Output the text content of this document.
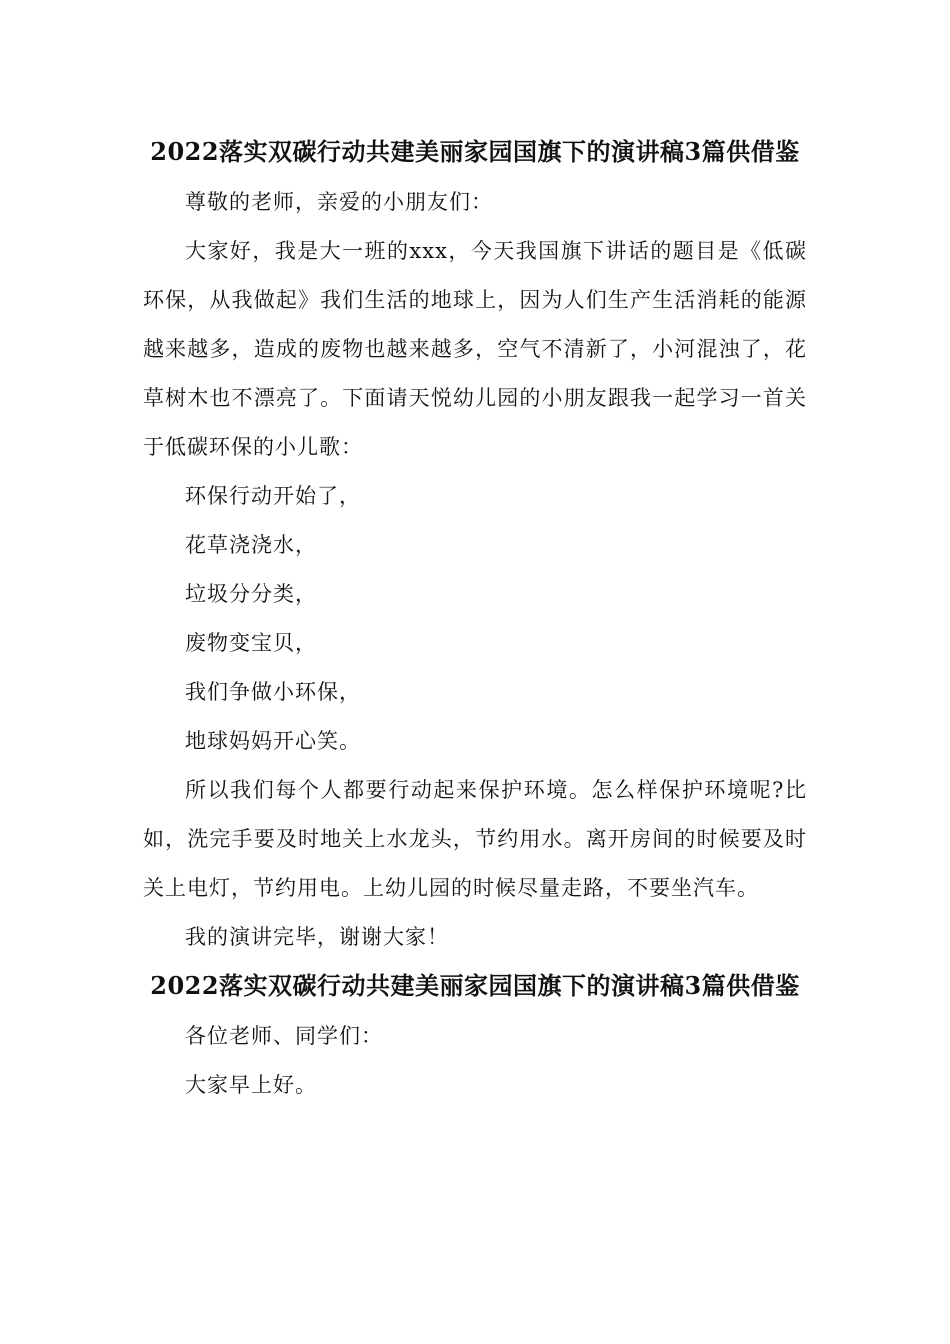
2022落实双碳行动共建美丽家园国旗下的演讲稿3篇供借鉴

尊敬的老师，亲爱的小朋友们：

大家好，我是大一班的xxx，今天我国旗下讲话的题目是《低碳环保，从我做起》我们生活的地球上，因为人们生产生活消耗的能源越来越多，造成的废物也越来越多，空气不清新了，小河混浊了，花草树木也不漂亮了。下面请天悦幼儿园的小朋友跟我一起学习一首关于低碳环保的小儿歌：

环保行动开始了，

花草浇浇水，

垃圾分分类，

废物变宝贝，

我们争做小环保，

地球妈妈开心笑。

所以我们每个人都要行动起来保护环境。怎么样保护环境呢?比如，洗完手要及时地关上水龙头，节约用水。离开房间的时候要及时关上电灯，节约用电。上幼儿园的时候尽量走路，不要坐汽车。

我的演讲完毕，谢谢大家！

2022落实双碳行动共建美丽家园国旗下的演讲稿3篇供借鉴

各位老师、同学们：

大家早上好。
